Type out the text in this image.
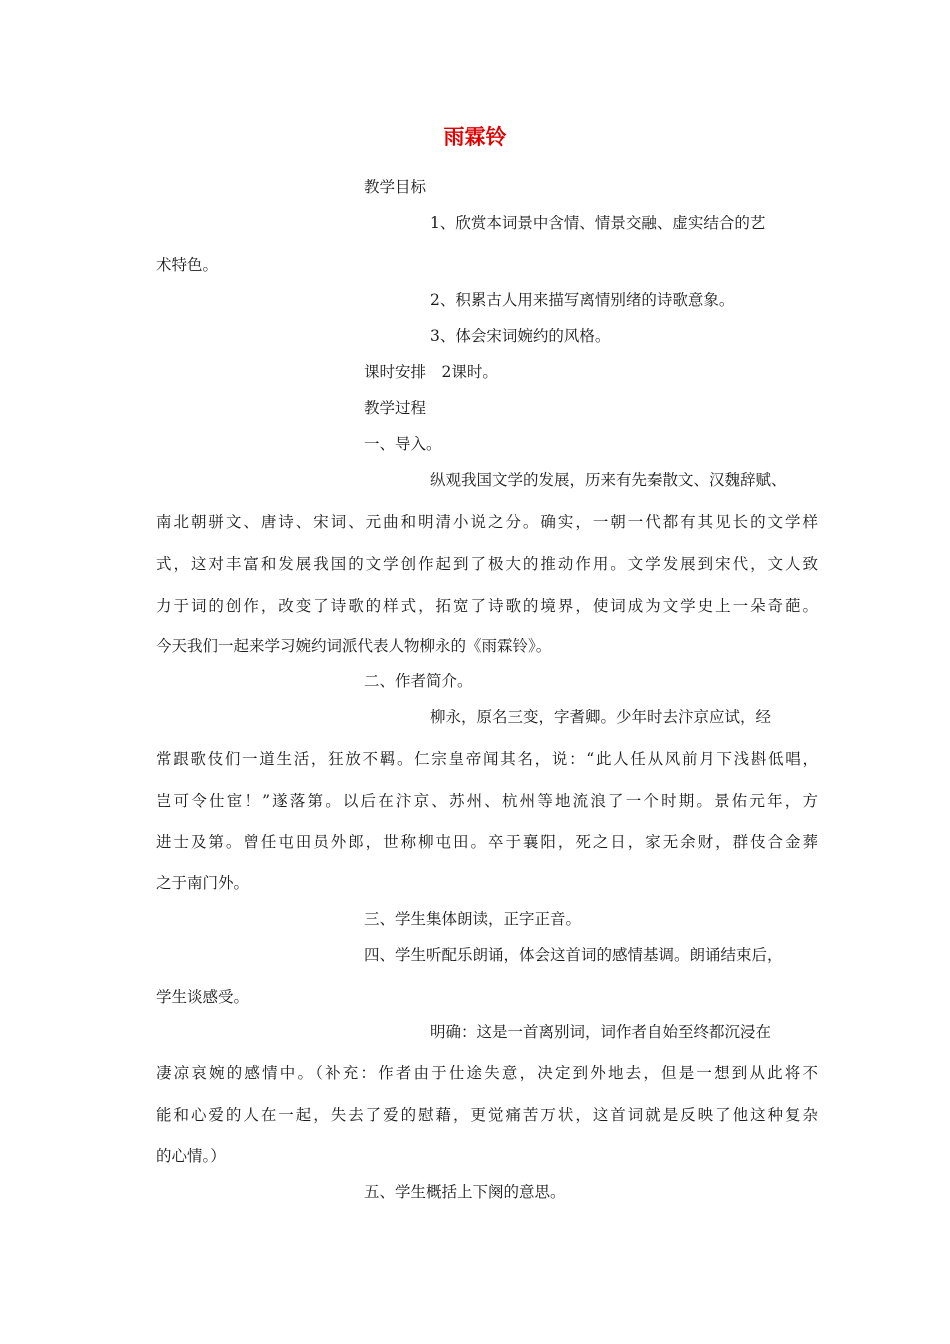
雨霖铃
教学目标
1、欣赏本词景中含情、情景交融、虚实结合的艺
术特色。
2、积累古人用来描写离情别绪的诗歌意象。
3、体会宋词婉约的风格。
课时安排　2课时。
教学过程
一、导入。
纵观我国文学的发展，历来有先秦散文、汉魏辞赋、
南北朝骈文、唐诗、宋词、元曲和明清小说之分。确实，一朝一代都有其见长的文学样
式，这对丰富和发展我国的文学创作起到了极大的推动作用。文学发展到宋代，文人致
力于词的创作，改变了诗歌的样式，拓宽了诗歌的境界，使词成为文学史上一朵奇葩。
今天我们一起来学习婉约词派代表人物柳永的《雨霖铃》。
二、作者简介。
柳永，原名三变，字耆卿。少年时去汴京应试，经
常跟歌伎们一道生活，狂放不羁。仁宗皇帝闻其名，说：“此人任从风前月下浅斟低唱，
岂可令仕宦！”遂落第。以后在汴京、苏州、杭州等地流浪了一个时期。景佑元年，方
进士及第。曾任屯田员外郎，世称柳屯田。卒于襄阳，死之日，家无余财，群伎合金葬
之于南门外。
三、学生集体朗读，正字正音。
四、学生听配乐朗诵，体会这首词的感情基调。朗诵结束后，
学生谈感受。
明确：这是一首离别词，词作者自始至终都沉浸在
凄凉哀婉的感情中。（补充：作者由于仕途失意，决定到外地去，但是一想到从此将不
能和心爱的人在一起，失去了爱的慰藉，更觉痛苦万状，这首词就是反映了他这种复杂
的心情。）
五、学生概括上下阕的意思。
